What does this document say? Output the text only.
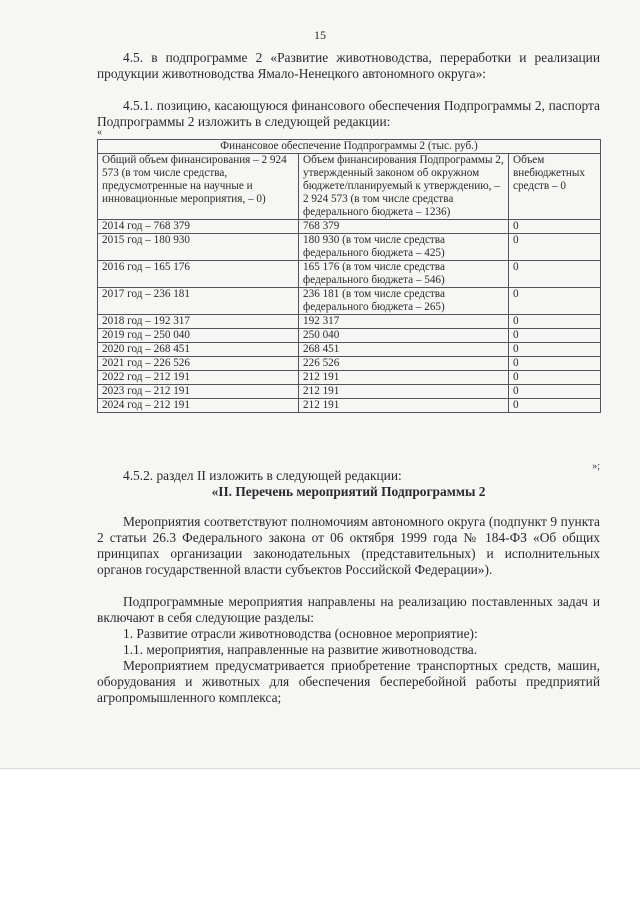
15
4.5. в подпрограмме 2 «Развитие животноводства, переработки и реализации продукции животноводства Ямало-Ненецкого автономного округа»:
4.5.1. позицию, касающуюся финансового обеспечения Подпрограммы 2, паспорта Подпрограммы 2 изложить в следующей редакции:
«
Финансовое обеспечение Подпрограммы 2 (тыс. руб.)		
Общий объем финансирования – 2 924 573 (в том числе средства, предусмотренные на научные и инновационные мероприятия, – 0)	Объем финансирования Подпрограммы 2, утвержденный законом об окружном бюджете/планируемый к утверждению, – 2 924 573 (в том числе средства федерального бюджета – 1236)	Объем внебюджетных средств – 0
2014 год – 768 379	768 379	0
2015 год – 180 930	180 930 (в том числе средства федерального бюджета – 425)	0
2016 год – 165 176	165 176 (в том числе средства федерального бюджета – 546)	0
2017 год – 236 181	236 181 (в том числе средства федерального бюджета – 265)	0
2018 год – 192 317	192 317	0
2019 год – 250 040	250 040	0
2020 год – 268 451	268 451	0
2021 год – 226 526	226 526	0
2022 год – 212 191	212 191	0
2023 год – 212 191	212 191	0
2024 год – 212 191	212 191	0
»;
4.5.2. раздел II изложить в следующей редакции:
«II. Перечень мероприятий Подпрограммы 2
Мероприятия соответствуют полномочиям автономного округа (подпункт 9 пункта 2 статьи 26.3 Федерального закона от 06 октября 1999 года № 184-ФЗ «Об общих принципах организации законодательных (представительных) и исполнительных органов государственной власти субъектов Российской Федерации»).
Подпрограммные мероприятия направлены на реализацию поставленных задач и включают в себя следующие разделы:
1. Развитие отрасли животноводства (основное мероприятие):
1.1. мероприятия, направленные на развитие животноводства.
Мероприятием предусматривается приобретение транспортных средств, машин, оборудования и животных для обеспечения бесперебойной работы предприятий агропромышленного комплекса;
